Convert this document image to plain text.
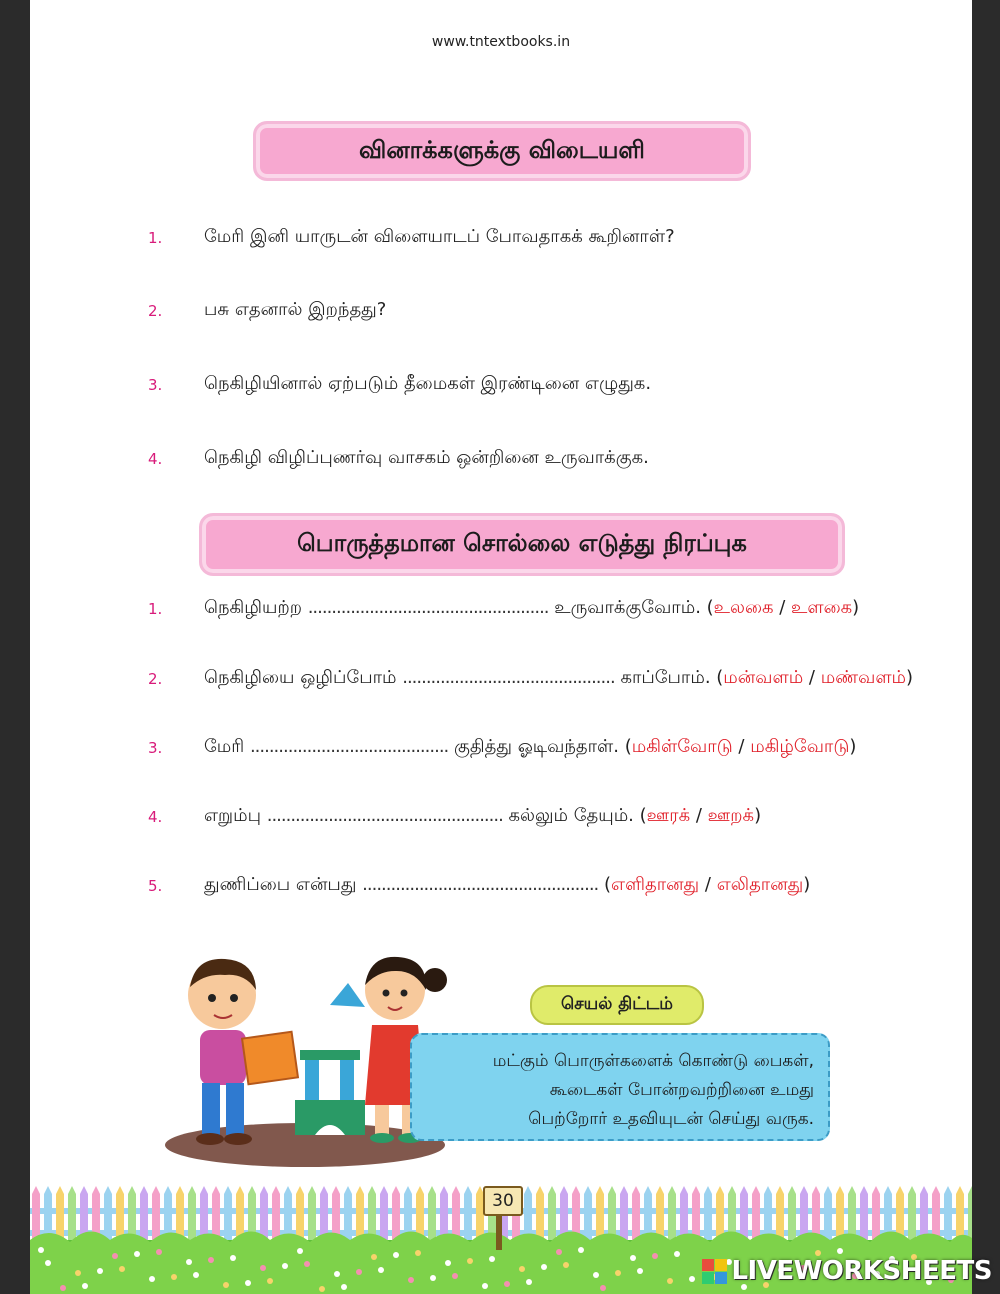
www.tntextbooks.in
வினாக்களுக்கு விடையளி
1. மேரி இனி யாருடன் விளையாடப் போவதாகக் கூறினாள்?
2. பசு எதனால் இறந்தது?
3. நெகிழியினால் ஏற்படும் தீமைகள் இரண்டினை எழுதுக.
4. நெகிழி விழிப்புணர்வு வாசகம் ஒன்றினை உருவாக்குக.
பொருத்தமான சொல்லை எடுத்து நிரப்புக
1. நெகிழியற்ற ................................................... உருவாக்குவோம். (உலகை / உளகை)
2. நெகிழியை ஒழிப்போம் ............................................. காப்போம். (மன்வளம் / மண்வளம்)
3. மேரி .......................................... குதித்து ஓடிவந்தாள். (மகிள்வோடு / மகிழ்வோடு)
4. எறும்பு .................................................. கல்லும் தேயும். (ஊரக் / ஊறக்)
5. துணிப்பை என்பது .................................................. (எளிதானது / எலிதானது)
செயல் திட்டம்
மட்கும் பொருள்களைக் கொண்டு பைகள்,
கூடைகள் போன்றவற்றினை உமது
பெற்றோர் உதவியுடன் செய்து வருக.
30
LIVEWORKSHEETS
